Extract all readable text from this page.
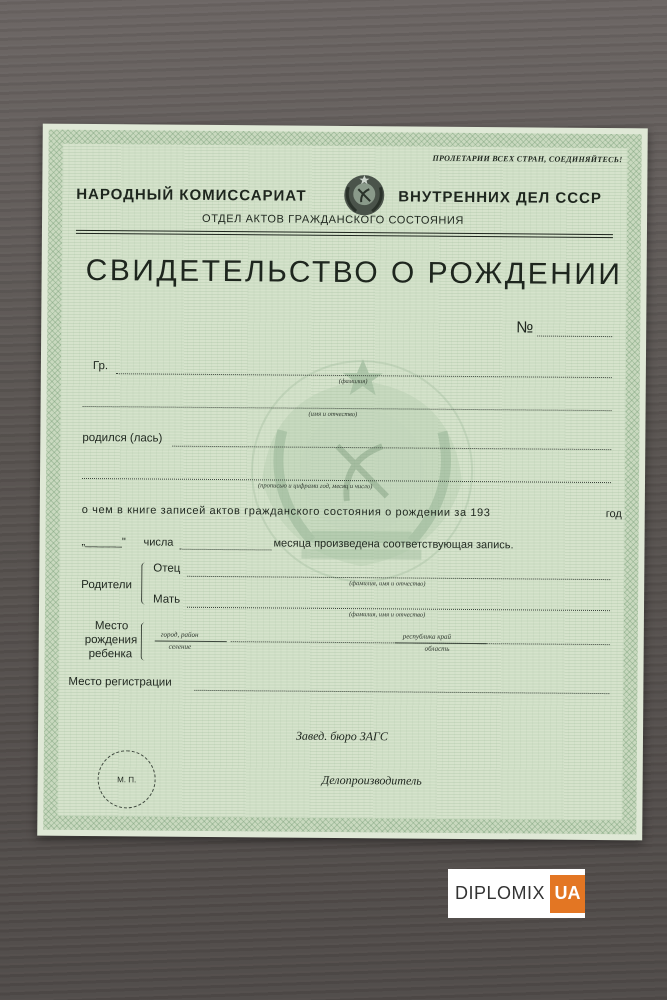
ПРОЛЕТАРИИ ВСЕХ СТРАН, СОЕДИНЯЙТЕСЬ!
НАРОДНЫЙ КОМИССАРИАТ	ВНУТРЕННИХ ДЕЛ СССР
ОТДЕЛ АКТОВ ГРАЖДАНСКОГО СОСТОЯНИЯ
СВИДЕТЕЛЬСТВО О РОЖДЕНИИ
№
Гр.
(фамилия)
(имя и отчество)
родился (лась)
(прописью и цифрами год, месяц и число)
о чем в книге записей актов гражданского состояния о рождении за 193	год
„______" числа	месяца произведена соответствующая запись.
Родители
Отец
(фамилия, имя и отчество)
Мать
(фамилия, имя и отчество)
Место
рождения
ребенка
город, район
селение
республика край
область
Место регистрации
М. П.
Завед. бюро ЗАГС
Делопроизводитель
DIPLOMIX UA
